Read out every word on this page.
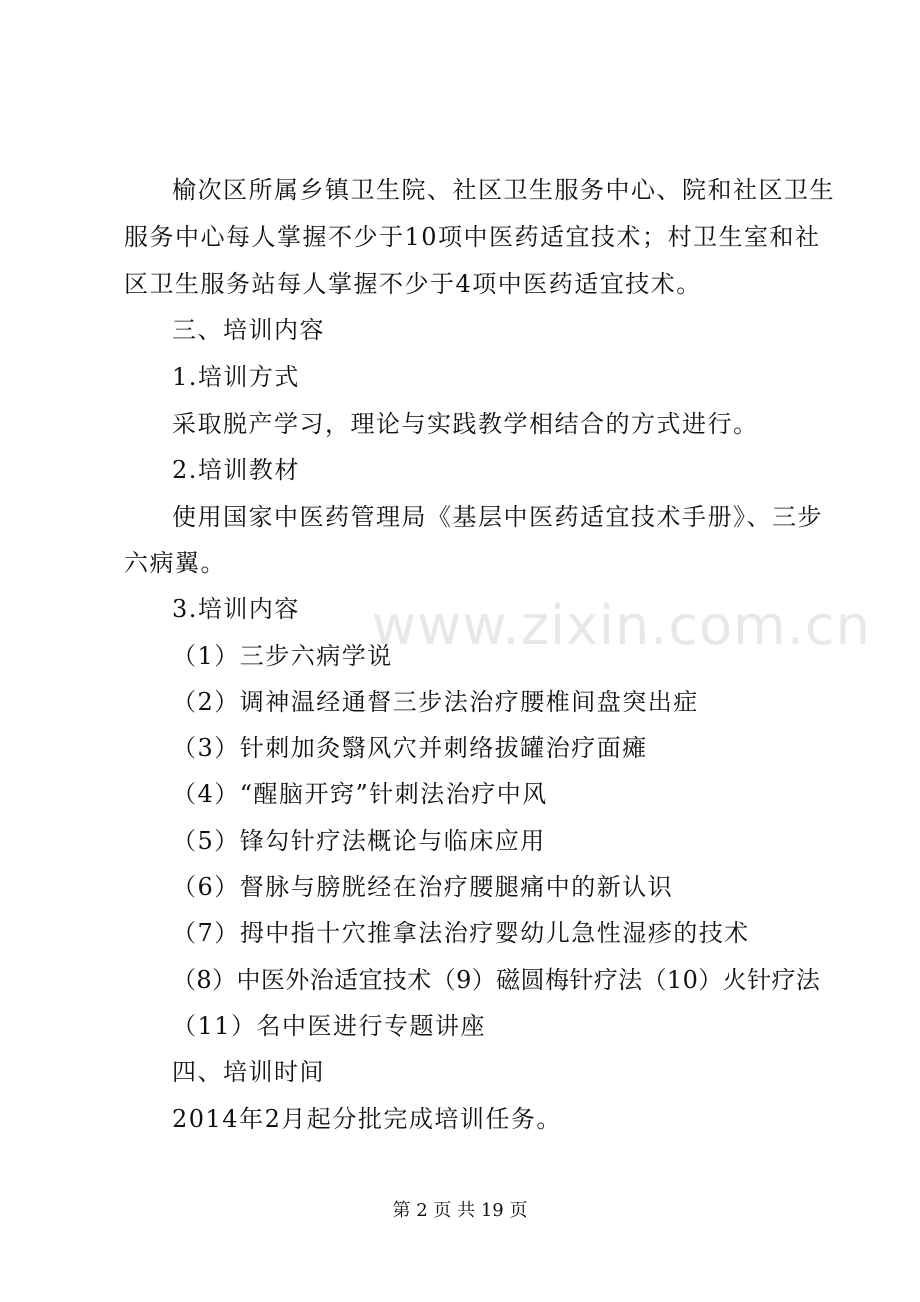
榆次区所属乡镇卫生院、社区卫生服务中心、院和社区卫生
服务中心每人掌握不少于10项中医药适宜技术；村卫生室和社
区卫生服务站每人掌握不少于4项中医药适宜技术。
三、培训内容
1.培训方式
采取脱产学习，理论与实践教学相结合的方式进行。
2.培训教材
使用国家中医药管理局《基层中医药适宜技术手册》、三步
六病翼。
3.培训内容
（1）三步六病学说
（2）调神温经通督三步法治疗腰椎间盘突出症
（3）针刺加灸翳风穴并刺络拔罐治疗面瘫
（4）“醒脑开窍”针刺法治疗中风
（5）锋勾针疗法概论与临床应用
（6）督脉与膀胱经在治疗腰腿痛中的新认识
（7）拇中指十穴推拿法治疗婴幼儿急性湿疹的技术
（8）中医外治适宜技术（9）磁圆梅针疗法（10）火针疗法
（11）名中医进行专题讲座
四、培训时间
2014年2月起分批完成培训任务。
www.zixin.com.cn
第 2 页 共 19 页
